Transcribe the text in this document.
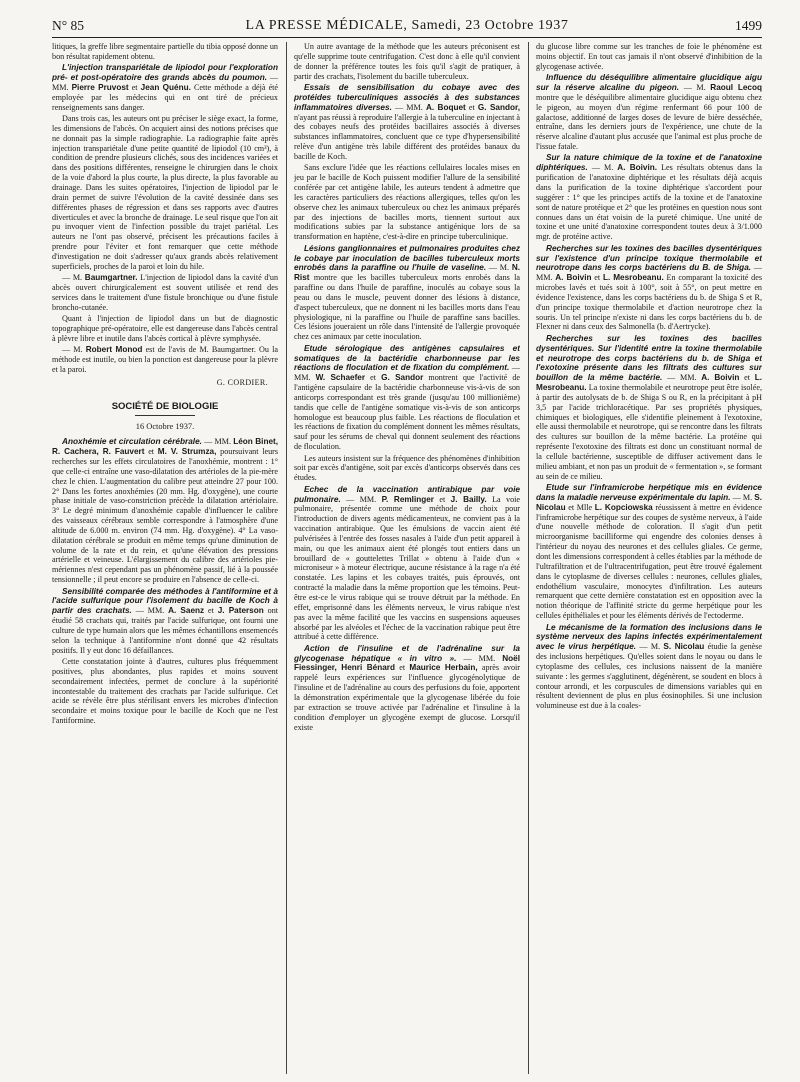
N° 85	LA PRESSE MÉDICALE, Samedi, 23 Octobre 1937	1499

litiques, la greffe libre segmentaire partielle du tibia opposé donne un bon résultat rapidement obtenu.

L'injection transpariétale de lipiodol pour l'exploration pré- et post-opératoire des grands abcès du poumon. — MM. Pierre Pruvost et Jean Quénu. Cette méthode a déjà été employée par les médecins qui en ont tiré de précieux renseignements sans danger.

Dans trois cas, les auteurs ont pu préciser le siège exact, la forme, les dimensions de l'abcès. On acquiert ainsi des notions précises que ne donnait pas la simple radiographie. La radiographie faite après injection transpariétale d'une petite quantité de lipiodol (10 cm³), à condition de prendre plusieurs clichés, sous des incidences variées et dans des positions différentes, renseigne le chirurgien dans le choix de la voie d'abord la plus courte, la plus directe, la plus favorable au drainage. Dans les suites opératoires, l'injection de lipiodol par le drain permet de suivre l'évolution de la cavité dessinée dans ses différentes phases de régression et dans ses rapports avec d'autres diverticules et avec la bronche de drainage. Le seul risque que l'on ait pu invoquer vient de l'infection possible du trajet pariétal. Les auteurs ne l'ont pas observé, précisent les précautions faciles à prendre pour l'éviter et font remarquer que cette méthode d'investigation ne doit s'adresser qu'aux grands abcès relativement superficiels, proches de la paroi et loin du hile.

— M. Baumgartner. L'injection de lipiodol dans la cavité d'un abcès ouvert chirurgicalement est souvent utilisée et rend des services dans le traitement d'une fistule bronchique ou d'une fistule broncho-cutanée.

Quant à l'injection de lipiodol dans un but de diagnostic topographique pré-opératoire, elle est dangereuse dans l'abcès central à plèvre libre et inutile dans l'abcès cortical à plèvre symphysée.

— M. Robert Monod est de l'avis de M. Baumgartner. Ou la méthode est inutile, ou bien la ponction est dangereuse pour la plèvre et la paroi.

G. CORDIER.
SOCIÉTÉ DE BIOLOGIE
16 Octobre 1937.

Anoxhémie et circulation cérébrale. — MM. Léon Binet, R. Cachera, R. Fauvert et M. V. Strumza, poursuivant leurs recherches sur les effets circulatoires de l'anoxhémie, montrent : 1° que celle-ci entraîne une vaso-dilatation des artérioles de la pie-mère chez le chien. L'augmentation du calibre peut atteindre 27 pour 100. 2° Dans les fortes anoxhémies (20 mm. Hg. d'oxygène), une courte phase initiale de vaso-constriction précède la dilatation artériolaire. 3° Le degré minimum d'anoxhémie capable d'influencer le calibre des vaisseaux cérébraux semble correspondre à l'atmosphère d'une altitude de 6.000 m. environ (74 mm. Hg. d'oxygène). 4° La vaso-dilatation cérébrale se produit en même temps qu'une diminution de volume de la rate et du rein, et qu'une élévation des pressions artérielle et veineuse. L'élargissement du calibre des artérioles pie-mériennes n'est cependant pas un phénomène passif, lié à la poussée tensionnelle ; il peut encore se produire en l'absence de celle-ci.

Sensibilité comparée des méthodes à l'antiformine et à l'acide sulfurique pour l'isolement du bacille de Koch à partir des crachats. — MM. A. Saenz et J. Paterson ont étudié 58 crachats qui, traités par l'acide sulfurique, ont fourni une culture de type humain alors que les mêmes échantillons ensemencés selon la technique à l'antiformine n'ont donné que 42 résultats positifs. Il y eut donc 16 défaillances.

Cette constatation jointe à d'autres, cultures plus fréquemment positives, plus abondantes, plus rapides et moins souvent secondairement infectées, permet de conclure à la supériorité incontestable du traitement des crachats par l'acide sulfurique. Cet acide se révèle être plus stérilisant envers les microbes d'infection secondaire et moins toxique pour le bacille de Koch que ne l'est l'antiformine.

Un autre avantage de la méthode que les auteurs préconisent est qu'elle supprime toute centrifugation. C'est donc à elle qu'il convient de donner la préférence toutes les fois qu'il s'agit de pratiquer, à partir des crachats, l'isolement du bacille tuberculeux.

Essais de sensibilisation du cobaye avec des protéides tuberculiniques associés à des substances inflammatoires diverses. — MM. A. Boquet et G. Sandor, n'ayant pas réussi à reproduire l'allergie à la tuberculine en injectant à des cobayes neufs des protéides bacillaires associés à diverses substances inflammatoires, concluent que ce type d'hypersensibilité relève d'un antigène très labile différent des protéides banaux du bacille de Koch.

Sans exclure l'idée que les réactions cellulaires locales mises en jeu par le bacille de Koch puissent modifier l'allure de la sensibilité conférée par cet antigène labile, les auteurs tendent à admettre que les caractères particuliers des réactions allergiques, telles qu'on les observe chez les animaux tuberculeux ou chez les animaux préparés par des injections de bacilles morts, tiennent surtout aux modifications subies par la substance antigénique lors de sa transformation en haptène, c'est-à-dire en principe tuberculinique.

Lésions ganglionnaires et pulmonaires produites chez le cobaye par inoculation de bacilles tuberculeux morts enrobés dans la paraffine ou l'huile de vaseline. — M. N. Rist montre que les bacilles tuberculeux morts enrobés dans la paraffine ou dans l'huile de paraffine, inoculés au cobaye sous la peau ou dans le muscle, peuvent donner des lésions à distance, d'aspect tuberculeux, que ne donnent ni les bacilles morts dans l'eau physiologique, ni la paraffine ou l'huile de paraffine sans bacilles. Ces lésions joueraient un rôle dans l'intensité de l'allergie provoquée chez ces animaux par cette inoculation.

Etude sérologique des antigènes capsulaires et somatiques de la bactéridie charbonneuse par les réactions de floculation et de fixation du complément. — MM. W. Schaefer et G. Sandor montrent que l'activité de l'antigène capsulaire de la bactéridie charbonneuse vis-à-vis de son anticorps correspondant est très grande (jusqu'au 100 millionième) tandis que celle de l'antigène somatique vis-à-vis de son anticorps homologue est beaucoup plus faible. Les réactions de floculation et les réactions de fixation du complément donnent les mêmes résultats, sauf pour les sérums de cheval qui donnent seulement des réactions de floculation.

Les auteurs insistent sur la fréquence des phénomènes d'inhibition soit par excès d'antigène, soit par excès d'anticorps observés dans ces études.

Echec de la vaccination antirabique par voie pulmonaire. — MM. P. Remlinger et J. Bailly. La voie pulmonaire, présentée comme une méthode de choix pour l'introduction de divers agents médicamenteux, ne convient pas à la vaccination antirabique. Que les émulsions de vaccin aient été pulvérisées à l'entrée des fosses nasales à l'aide d'un petit appareil à main, ou que les animaux aient été plongés tout entiers dans un brouillard de « gouttelettes Trillat » obtenu à l'aide d'un « microniseur » à moteur électrique, aucune résistance à la rage n'a été constatée. Les lapins et les cobayes traités, puis éprouvés, ont contracté la maladie dans la même proportion que les témoins. Peut-être est-ce le virus rabique qui se trouve détruit par la méthode. En effet, emprisonné dans les éléments nerveux, le virus rabique n'est pas avec la même facilité que les vaccins en suspensions aqueuses absorbé par les alvéoles et l'échec de la vaccination rabique peut être attribué à cette différence.

Action de l'insuline et de l'adrénaline sur la glycogenase hépatique « in vitro ». — MM. Noël Fiessinger, Henri Bénard et Maurice Herbain, après avoir rappelé leurs expériences sur l'influence glycogénolytique de l'insuline et de l'adrénaline au cours des perfusions du foie, apportent la démonstration expérimentale que la glycogenase libérée du foie par extraction se trouve activée par l'adrénaline et l'insuline à la condition d'employer un glycogène exempt de glucose. Lorsqu'il existe

du glucose libre comme sur les tranches de foie le phénomène est moins objectif. En tout cas jamais il n'ont observé d'inhibition de la glycogenase activée.

Influence du déséquilibre alimentaire glucidique aigu sur la réserve alcaline du pigeon. — M. Raoul Lecoq montre que le déséquilibre alimentaire glucidique aigu obtenu chez le pigeon, au moyen d'un régime renfermant 66 pour 100 de galactose, additionné de larges doses de levure de bière desséchée, entraîne, dans les derniers jours de l'expérience, une chute de la réserve alcaline d'autant plus accusée que l'animal est plus proche de l'issue fatale.

Sur la nature chimique de la toxine et de l'anatoxine diphtériques. — M. A. Boivin. Les résultats obtenus dans la purification de l'anatoxine diphtérique et les résultats déjà acquis dans la purification de la toxine diphtérique s'accordent pour suggérer : 1° que les principes actifs de la toxine et de l'anatoxine sont de nature protéique et 2° que les protéines en question nous sont connues dans un état voisin de la pureté chimique. Une unité de toxine et une unité d'anatoxine correspondent toutes deux à 3/1.000 mgr. de protéine active.

Recherches sur les toxines des bacilles dysentériques sur l'existence d'un principe toxique thermolabile et neurotrope dans les corps bactériens du B. de Shiga. — MM. A. Boivin et L. Mesrobeanu. En comparant la toxicité des microbes lavés et tués soit à 100°, soit à 55°, on peut mettre en évidence l'existence, dans les corps bactériens du b. de Shiga S et R, d'un principe toxique thermolabile et d'action neurotrope chez la souris. Un tel principe n'existe ni dans les corps bactériens du b. de Flexner ni dans ceux des Salmonella (b. d'Aertrycke).

Recherches sur les toxines des bacilles dysentériques. Sur l'identité entre la toxine thermolabile et neurotrope des corps bactériens du b. de Shiga et l'exotoxine présente dans les filtrats des cultures sur bouillon de la même bactérie. — MM. A. Boivin et L. Mesrobeanu. La toxine thermolabile et neurotrope peut être isolée, à partir des autolysats de b. de Shiga S ou R, en la précipitant à pH 3,5 par l'acide trichloracétique. Par ses propriétés physiques, chimiques et biologiques, elle s'identifie pleinement à l'exotoxine, elle aussi thermolabile et neurotrope, qui se rencontre dans les filtrats des cultures sur bouillon de la même bactérie. La protéine qui représente l'exotoxine des filtrats est donc un constituant normal de la cellule bactérienne, susceptible de diffuser activement dans le milieu ambiant, et non pas un produit de « fermentation », se formant au sein de ce milieu.

Etude sur l'inframicrobe herpétique mis en évidence dans la maladie nerveuse expérimentale du lapin. — M. S. Nicolau et Mlle L. Kopciowska réussissent à mettre en évidence l'inframicrobe herpétique sur des coupes de système nerveux, à l'aide d'une nouvelle méthode de coloration. Il s'agit d'un petit microorganisme bacilliforme qui engendre des colonies denses à l'intérieur du noyau des neurones et des cellules gliales. Ce germe, dont les dimensions correspondent à celles établies par la méthode de l'ultrafiltration et de l'ultracentrifugation, peut être trouvé également dans le cytoplasme de diverses cellules : neurones, cellules gliales, endothélium vasculaire, monocytes d'infiltration. Les auteurs remarquent que cette dernière constatation est en opposition avec la notion théorique de l'affinité stricte du germe herpétique pour les cellules épithéliales et pour les éléments dérivés de l'ectoderme.

Le mécanisme de la formation des inclusions dans le système nerveux des lapins infectés expérimentalement avec le virus herpétique. — M. S. Nicolau étudie la genèse des inclusions herpétiques. Qu'elles soient dans le noyau ou dans le cytoplasme des cellules, ces inclusions naissent de la manière suivante : les germes s'agglutinent, dégénèrent, se soudent en blocs à contour arrondi, et les corpuscules de dimensions variables qui en résultent deviennent de plus en plus éosinophiles. Si une inclusion volumineuse est due à la coales-
